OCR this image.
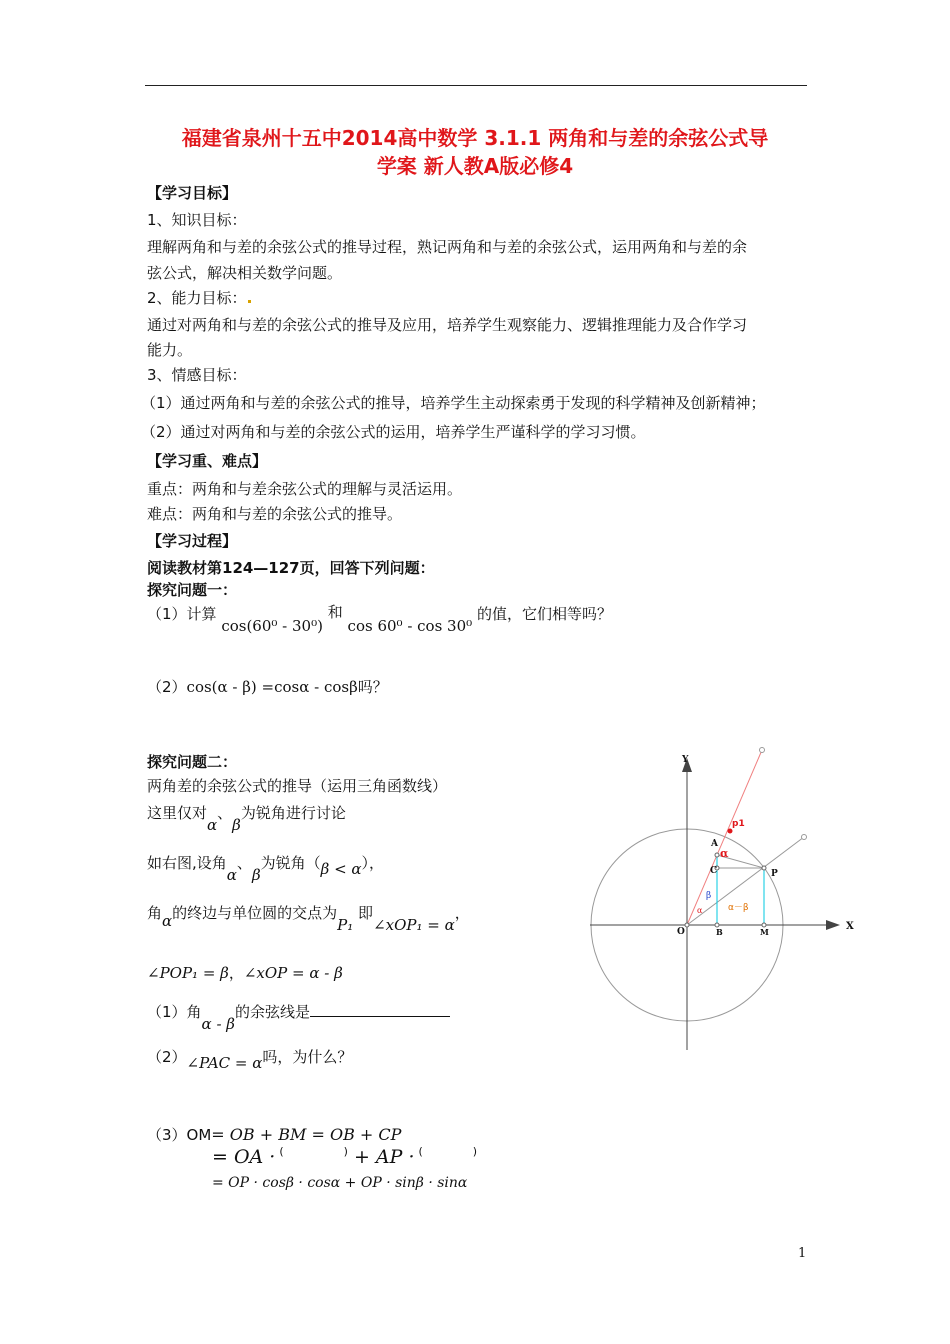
福建省泉州十五中2014高中数学 3.1.1 两角和与差的余弦公式导
学案 新人教A版必修4
【学习目标】
1、知识目标：
理解两角和与差的余弦公式的推导过程，熟记两角和与差的余弦公式，运用两角和与差的余
弦公式，解决相关数学问题。
2、能力目标：
通过对两角和与差的余弦公式的推导及应用，培养学生观察能力、逻辑推理能力及合作学习
能力。
3、情感目标：
（1）通过两角和与差的余弦公式的推导，培养学生主动探索勇于发现的科学精神及创新精神；
（2）通过对两角和与差的余弦公式的运用，培养学生严谨科学的学习习惯。
【学习重、难点】
重点：两角和与差余弦公式的理解与灵活运用。
难点：两角和与差的余弦公式的推导。
【学习过程】
阅读教材第124—127页，回答下列问题：
探究问题一：
（1）计算 cos(60⁰ - 30⁰) 和 cos 60⁰ - cos 30⁰ 的值，它们相等吗？
（2）cos(α - β) =cosα - cosβ吗？
探究问题二：
两角差的余弦公式的推导（运用三角函数线）
这里仅对α、β为锐角进行讨论
如右图,设角α、β为锐角（β < α），
角α的终边与单位圆的交点为P₁ 即∠xOP₁ = α，
∠POP₁ = β，∠xOP = α - β
（1）角α - β的余弦线是
（2）∠PAC = α吗，为什么？
（3）OM= OB + BM = OB + CP
= OA · (	) + AP · (	)
= OP · cosβ · cosα + OP · sinβ · sinα
Y
X
O
A
C	P
B	M
p1
α
β
α	α－β
1
